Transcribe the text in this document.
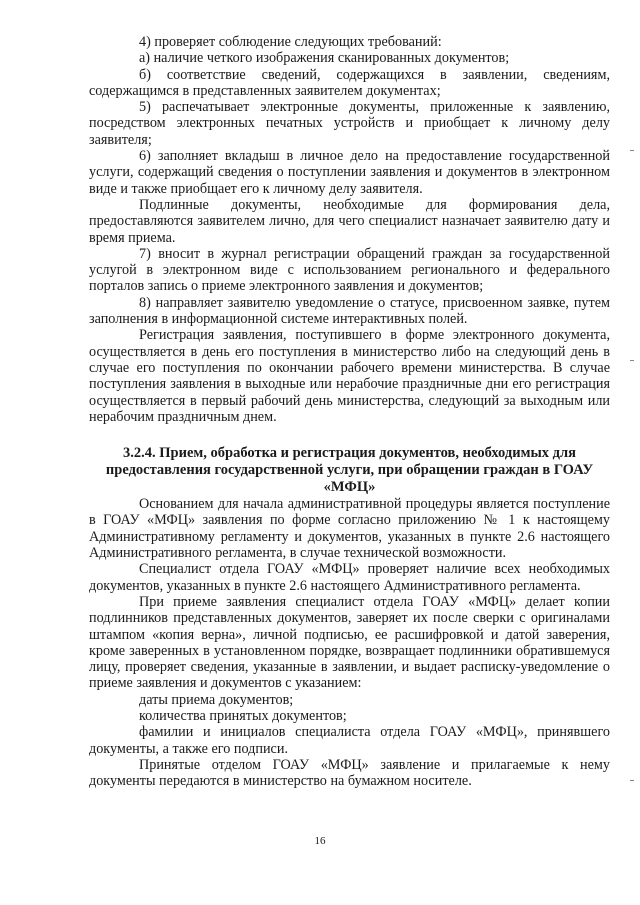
4) проверяет соблюдение следующих требований:

а) наличие четкого изображения сканированных документов;

б) соответствие сведений, содержащихся в заявлении, сведениям, содержащимся в представленных заявителем документах;

5) распечатывает электронные документы, приложенные к заявлению, посредством электронных печатных устройств и приобщает к личному делу заявителя;

6) заполняет вкладыш в личное дело на предоставление государственной услуги, содержащий сведения о поступлении заявления и документов в электронном виде и также приобщает его к личному делу заявителя.

Подлинные документы, необходимые для формирования дела, предоставляются заявителем лично, для чего специалист назначает заявителю дату и время приема.

7) вносит в журнал регистрации обращений граждан за государственной услугой в электронном виде с использованием регионального и федерального порталов запись о приеме электронного заявления и документов;

8) направляет заявителю уведомление о статусе, присвоенном заявке, путем заполнения в информационной системе интерактивных полей.

Регистрация заявления, поступившего в форме электронного документа, осуществляется в день его поступления в министерство либо на следующий день в случае его поступления по окончании рабочего времени министерства. В случае поступления заявления в выходные или нерабочие праздничные дни его регистрация осуществляется в первый рабочий день министерства, следующий за выходным или нерабочим праздничным днем.

3.2.4. Прием, обработка и регистрация документов, необходимых для предоставления государственной услуги, при обращении граждан в ГОАУ «МФЦ»

Основанием для начала административной процедуры является поступление в ГОАУ «МФЦ» заявления по форме согласно приложению № 1 к настоящему Административному регламенту и документов, указанных в пункте 2.6 настоящего Административного регламента, в случае технической возможности.

Специалист отдела ГОАУ «МФЦ» проверяет наличие всех необходимых документов, указанных в пункте 2.6 настоящего Административного регламента.

При приеме заявления специалист отдела ГОАУ «МФЦ» делает копии подлинников представленных документов, заверяет их после сверки с оригиналами штампом «копия верна», личной подписью, ее расшифровкой и датой заверения, кроме заверенных в установленном порядке, возвращает подлинники обратившемуся лицу, проверяет сведения, указанные в заявлении, и выдает расписку-уведомление о приеме заявления и документов с указанием:

даты приема документов;

количества принятых документов;

фамилии и инициалов специалиста отдела ГОАУ «МФЦ», принявшего документы, а также его подписи.

Принятые отделом ГОАУ «МФЦ» заявление и прилагаемые к нему документы передаются в министерство на бумажном носителе.

16
